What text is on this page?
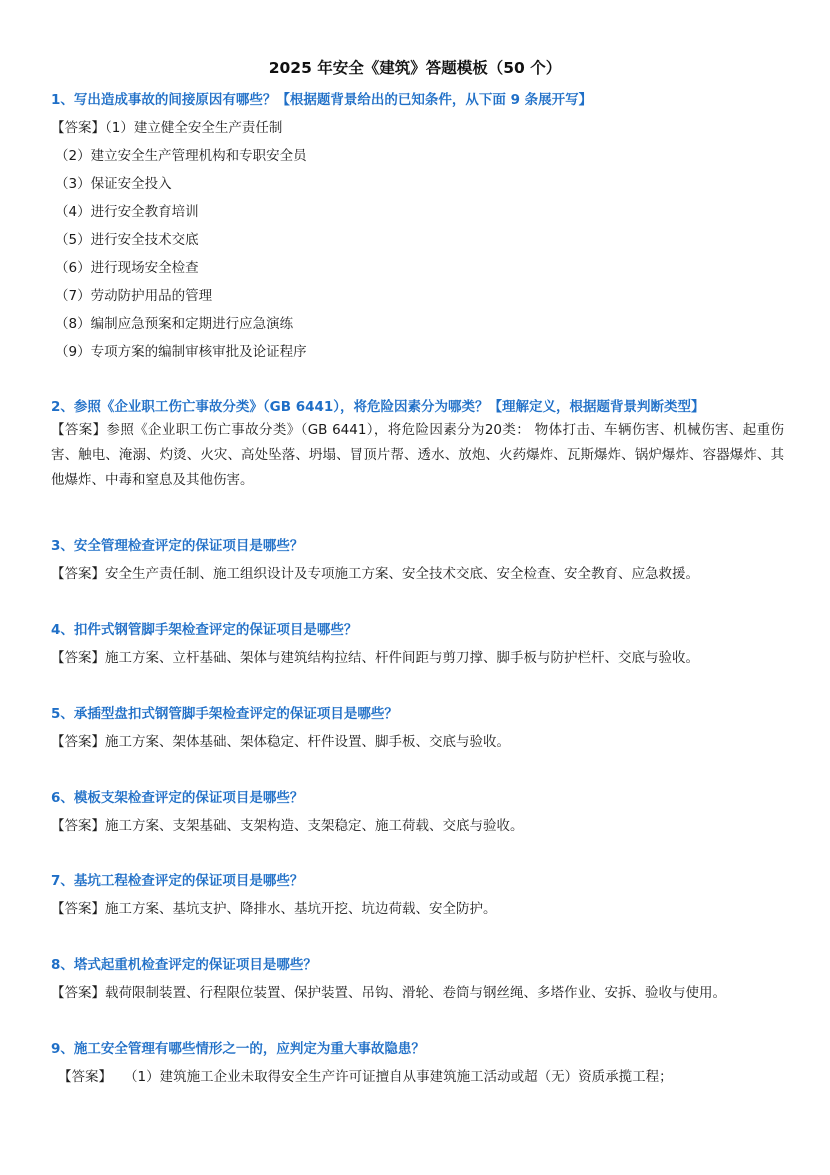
2025 年安全《建筑》答题模板（50 个）
1、写出造成事故的间接原因有哪些？【根据题背景给出的已知条件，从下面 9 条展开写】
【答案】（1）建立健全安全生产责任制
（2）建立安全生产管理机构和专职安全员
（3）保证安全投入
（4）进行安全教育培训
（5）进行安全技术交底
（6）进行现场安全检查
（7）劳动防护用品的管理
（8）编制应急预案和定期进行应急演练
（9）专项方案的编制审核审批及论证程序
2、参照《企业职工伤亡事故分类》（GB 6441），将危险因素分为哪类？【理解定义，根据题背景判断类型】
【答案】参照《企业职工伤亡事故分类》（GB 6441），将危险因素分为20类： 物体打击、车辆伤害、机械伤害、起重伤害、触电、淹溺、灼烫、火灾、高处坠落、坍塌、冒顶片帮、透水、放炮、火药爆炸、瓦斯爆炸、锅炉爆炸、容器爆炸、其他爆炸、中毒和窒息及其他伤害。
3、安全管理检查评定的保证项目是哪些？
【答案】安全生产责任制、施工组织设计及专项施工方案、安全技术交底、安全检查、安全教育、应急救援。
4、扣件式钢管脚手架检查评定的保证项目是哪些？
【答案】施工方案、立杆基础、架体与建筑结构拉结、杆件间距与剪刀撑、脚手板与防护栏杆、交底与验收。
5、承插型盘扣式钢管脚手架检查评定的保证项目是哪些？
【答案】施工方案、架体基础、架体稳定、杆件设置、脚手板、交底与验收。
6、模板支架检查评定的保证项目是哪些？
【答案】施工方案、支架基础、支架构造、支架稳定、施工荷载、交底与验收。
7、基坑工程检查评定的保证项目是哪些？
【答案】施工方案、基坑支护、降排水、基坑开挖、坑边荷载、安全防护。
8、塔式起重机检查评定的保证项目是哪些？
【答案】载荷限制装置、行程限位装置、保护装置、吊钩、滑轮、卷筒与钢丝绳、多塔作业、安拆、验收与使用。
9、施工安全管理有哪些情形之一的，应判定为重大事故隐患？
【答案】 （1）建筑施工企业未取得安全生产许可证擅自从事建筑施工活动或超（无）资质承揽工程；
